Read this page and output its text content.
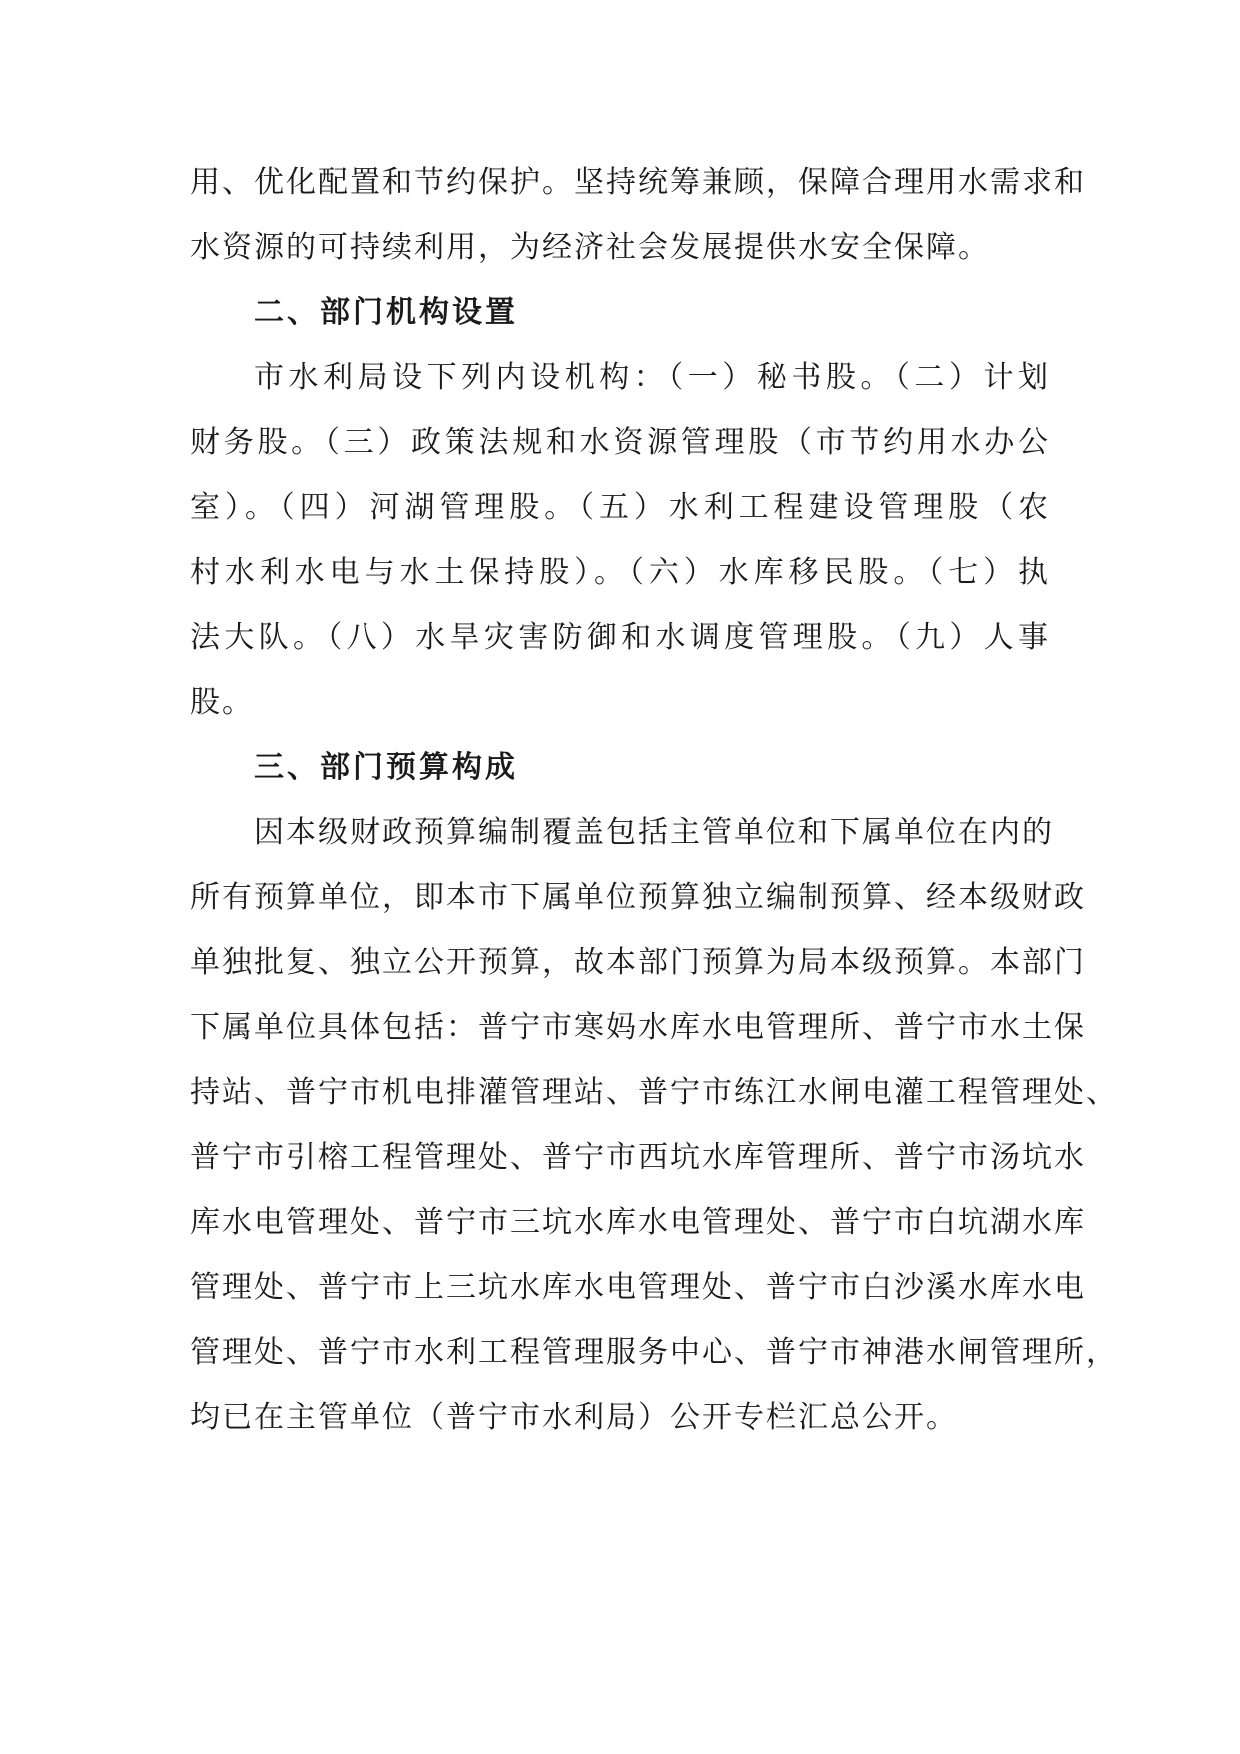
用、优化配置和节约保护。坚持统筹兼顾，保障合理用水需求和
水资源的可持续利用，为经济社会发展提供水安全保障。
二、部门机构设置
市水利局设下列内设机构：（一）秘书股。（二）计划
财务股。（三）政策法规和水资源管理股（市节约用水办公
室）。（四）河湖管理股。（五）水利工程建设管理股（农
村水利水电与水土保持股）。（六）水库移民股。（七）执
法大队。（八）水旱灾害防御和水调度管理股。（九）人事
股。
三、部门预算构成
因本级财政预算编制覆盖包括主管单位和下属单位在内的
所有预算单位，即本市下属单位预算独立编制预算、经本级财政
单独批复、独立公开预算，故本部门预算为局本级预算。本部门
下属单位具体包括：普宁市寒妈水库水电管理所、普宁市水土保
持站、普宁市机电排灌管理站、普宁市练江水闸电灌工程管理处、
普宁市引榕工程管理处、普宁市西坑水库管理所、普宁市汤坑水
库水电管理处、普宁市三坑水库水电管理处、普宁市白坑湖水库
管理处、普宁市上三坑水库水电管理处、普宁市白沙溪水库水电
管理处、普宁市水利工程管理服务中心、普宁市神港水闸管理所，
均已在主管单位（普宁市水利局）公开专栏汇总公开。
